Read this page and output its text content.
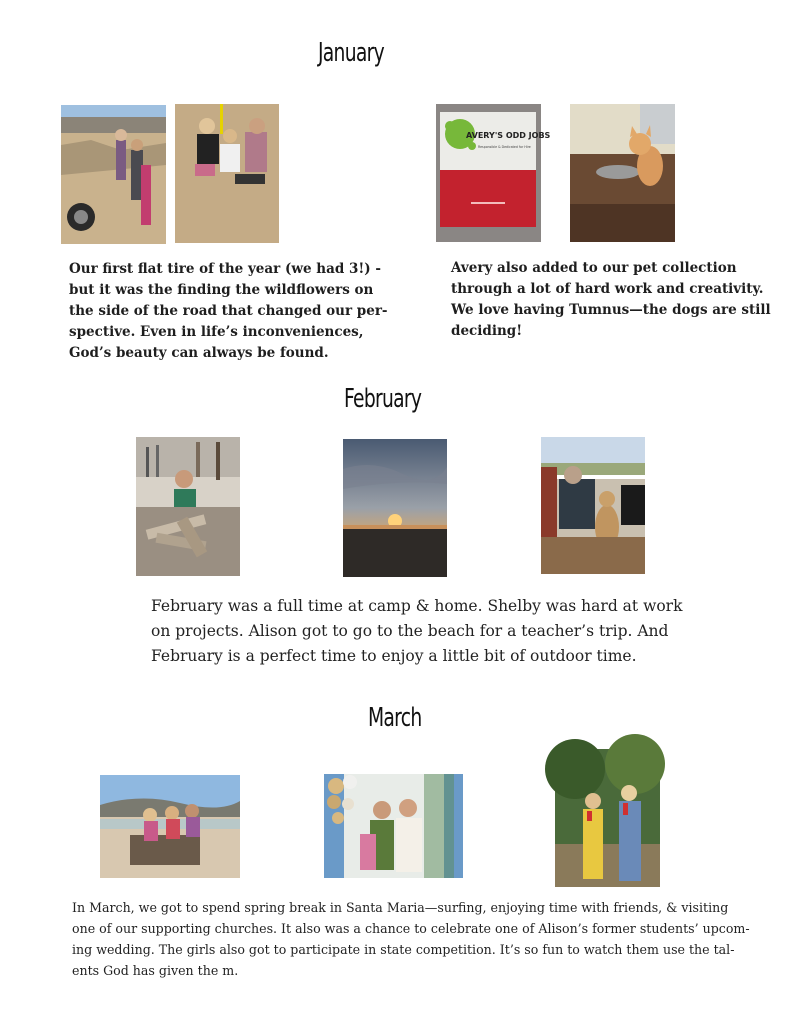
January
AVERY'S ODD JOBS
Responsible & Dedicated for Hire
Our first flat tire of the year (we had 3!) -
but it was the finding the wildflowers on
the side of the road that changed our per-
spective. Even in life’s inconveniences,
God’s beauty can always be found.
Avery also added to our pet collection
through a lot of hard work and creativity.
We love having Tumnus—the dogs are still
deciding!
February
February was a full time at camp & home. Shelby was hard at work
on projects. Alison got to go to the beach for a teacher’s trip. And
February is a perfect time to enjoy a little bit of outdoor time.
March
In March, we got to spend spring break in Santa Maria—surfing, enjoying time with friends, & visiting
one of our supporting churches. It also was a chance to celebrate one of Alison’s former students’ upcom-
ing wedding. The girls also got to participate in state competition. It’s so fun to watch them use the tal-
ents God has given the m.
